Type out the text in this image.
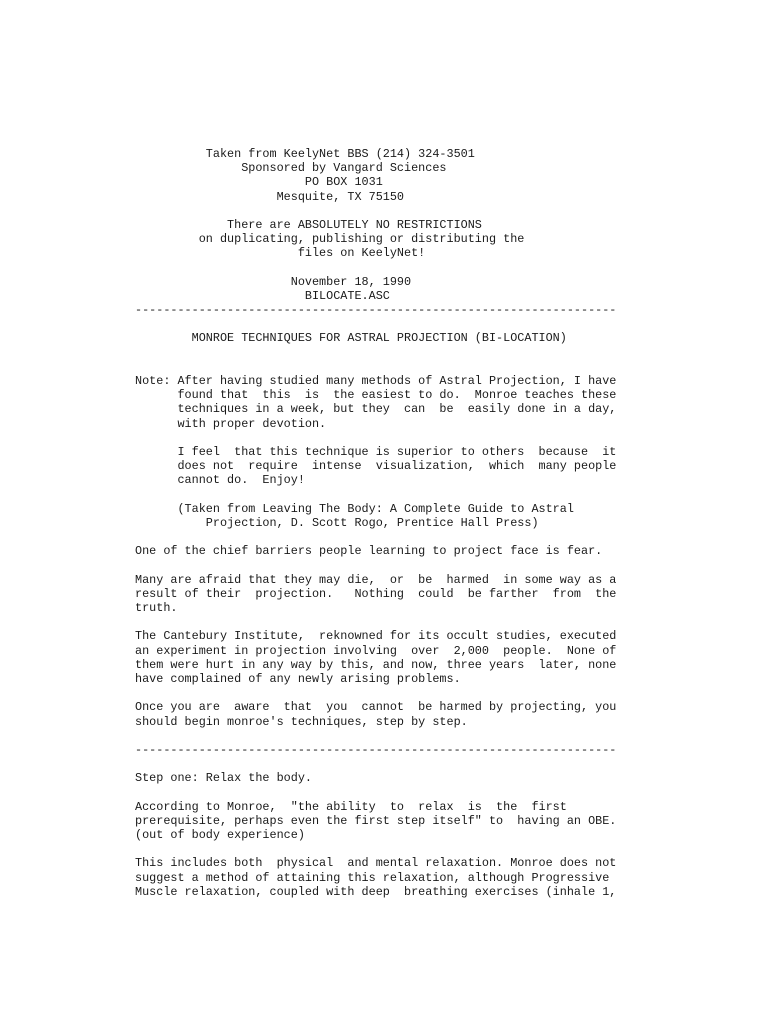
Taken from KeelyNet BBS (214) 324-3501
Sponsored by Vangard Sciences
PO BOX 1031
Mesquite, TX 75150

There are ABSOLUTELY NO RESTRICTIONS
on duplicating, publishing or distributing the
files on KeelyNet!

November 18, 1990
BILOCATE.ASC
--------------------------------------------------------------------

MONROE TECHNIQUES FOR ASTRAL PROJECTION (BI-LOCATION)

Note: After having studied many methods of Astral Projection, I have
found that  this  is  the easiest to do.  Monroe teaches these
techniques in a week, but they  can  be  easily done in a day,
with proper devotion.

I feel  that this technique is superior to others  because  it
does not  require  intense  visualization,  which  many people
cannot do.  Enjoy!

(Taken from Leaving The Body: A Complete Guide to Astral
Projection, D. Scott Rogo, Prentice Hall Press)

One of the chief barriers people learning to project face is fear.

Many are afraid that they may die,  or  be  harmed  in some way as a
result of their  projection.   Nothing  could  be farther  from  the
truth.

The Cantebury Institute,  reknowned for its occult studies, executed
an experiment in projection involving  over  2,000  people.  None of
them were hurt in any way by this, and now, three years  later, none
have complained of any newly arising problems.

Once you are  aware  that  you  cannot  be harmed by projecting, you
should begin monroe's techniques, step by step.

--------------------------------------------------------------------

Step one: Relax the body.

According to Monroe,  "the ability  to  relax  is  the  first
prerequisite, perhaps even the first step itself" to  having an OBE.
(out of body experience)

This includes both  physical  and mental relaxation. Monroe does not
suggest a method of attaining this relaxation, although Progressive
Muscle relaxation, coupled with deep  breathing exercises (inhale 1,
